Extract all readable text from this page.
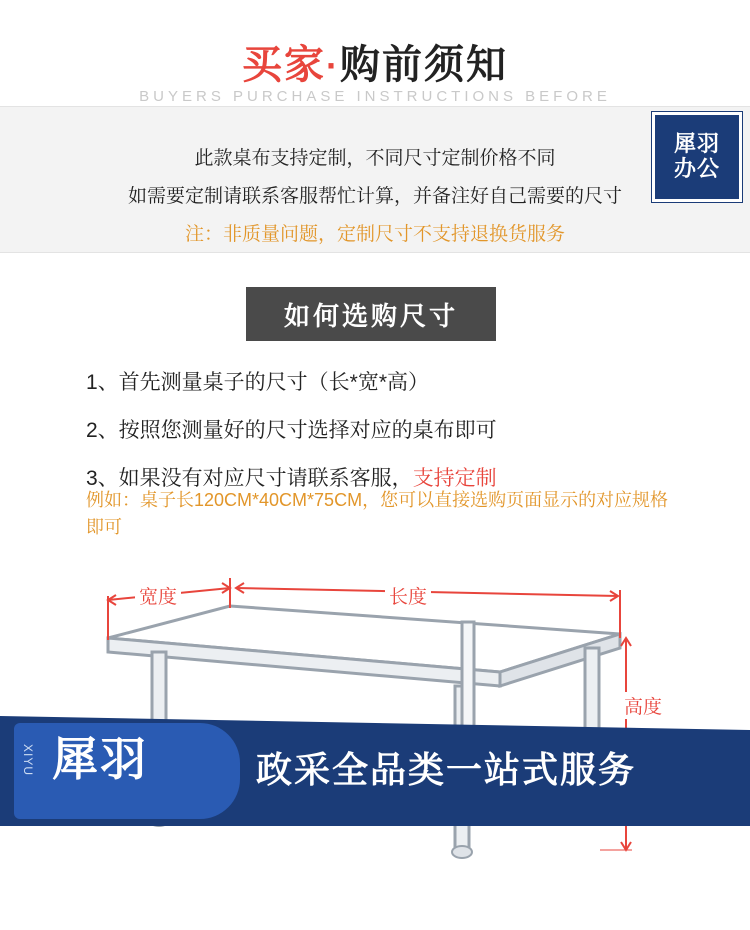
买家·购前须知
BUYERS PURCHASE INSTRUCTIONS BEFORE
此款桌布支持定制，不同尺寸定制价格不同
如需要定制请联系客服帮忙计算，并备注好自己需要的尺寸
注：非质量问题，定制尺寸不支持退换货服务
犀羽
办公
如何选购尺寸
1、首先测量桌子的尺寸（长*宽*高）
2、按照您测量好的尺寸选择对应的桌布即可
3、如果没有对应尺寸请联系客服，支持定制
例如：桌子长120CM*40CM*75CM，您可以直接选购页面显示的对应规格即可
宽度	长度
高度
XIYU 犀羽	政采全品类一站式服务
